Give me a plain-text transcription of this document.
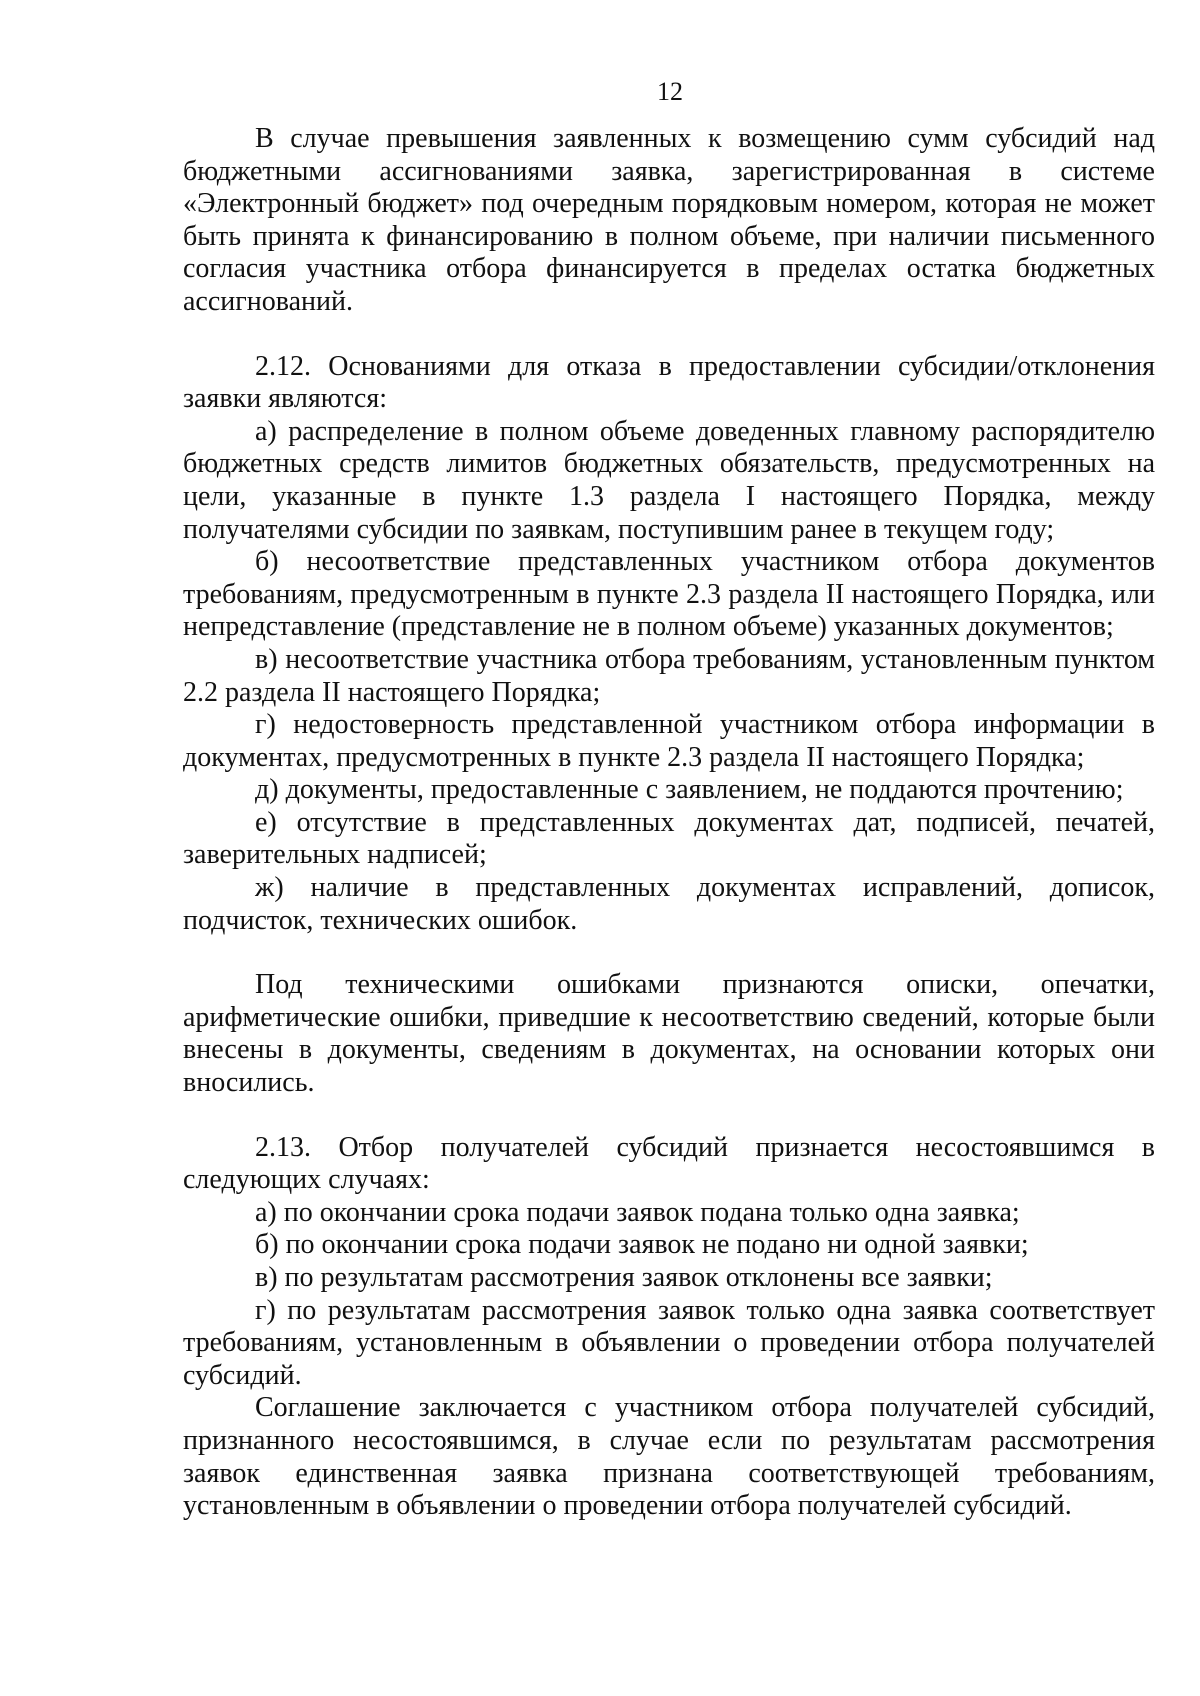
12

В случае превышения заявленных к возмещению сумм субсидий над бюджетными ассигнованиями заявка, зарегистрированная в системе «Электронный бюджет» под очередным порядковым номером, которая не может быть принята к финансированию в полном объеме, при наличии письменного согласия участника отбора финансируется в пределах остатка бюджетных ассигнований.

2.12. Основаниями для отказа в предоставлении субсидии/отклонения заявки являются:

а) распределение в полном объеме доведенных главному распорядителю бюджетных средств лимитов бюджетных обязательств, предусмотренных на цели, указанные в пункте 1.3 раздела I настоящего Порядка, между получателями субсидии по заявкам, поступившим ранее в текущем году;

б) несоответствие представленных участником отбора документов требованиям, предусмотренным в пункте 2.3 раздела II настоящего Порядка, или непредставление (представление не в полном объеме) указанных документов;

в) несоответствие участника отбора требованиям, установленным пунктом 2.2 раздела II настоящего Порядка;

г) недостоверность представленной участником отбора информации в документах, предусмотренных в пункте 2.3 раздела II настоящего Порядка;

д) документы, предоставленные с заявлением, не поддаются прочтению;

е) отсутствие в представленных документах дат, подписей, печатей, заверительных надписей;

ж) наличие в представленных документах исправлений, дописок, подчисток, технических ошибок.

Под техническими ошибками признаются описки, опечатки, арифметические ошибки, приведшие к несоответствию сведений, которые были внесены в документы, сведениям в документах, на основании которых они вносились.

2.13. Отбор получателей субсидий признается несостоявшимся в следующих случаях:

а) по окончании срока подачи заявок подана только одна заявка;

б) по окончании срока подачи заявок не подано ни одной заявки;

в) по результатам рассмотрения заявок отклонены все заявки;

г) по результатам рассмотрения заявок только одна заявка соответствует требованиям, установленным в объявлении о проведении отбора получателей субсидий.

Соглашение заключается с участником отбора получателей субсидий, признанного несостоявшимся, в случае если по результатам рассмотрения заявок единственная заявка признана соответствующей требованиям, установленным в объявлении о проведении отбора получателей субсидий.
